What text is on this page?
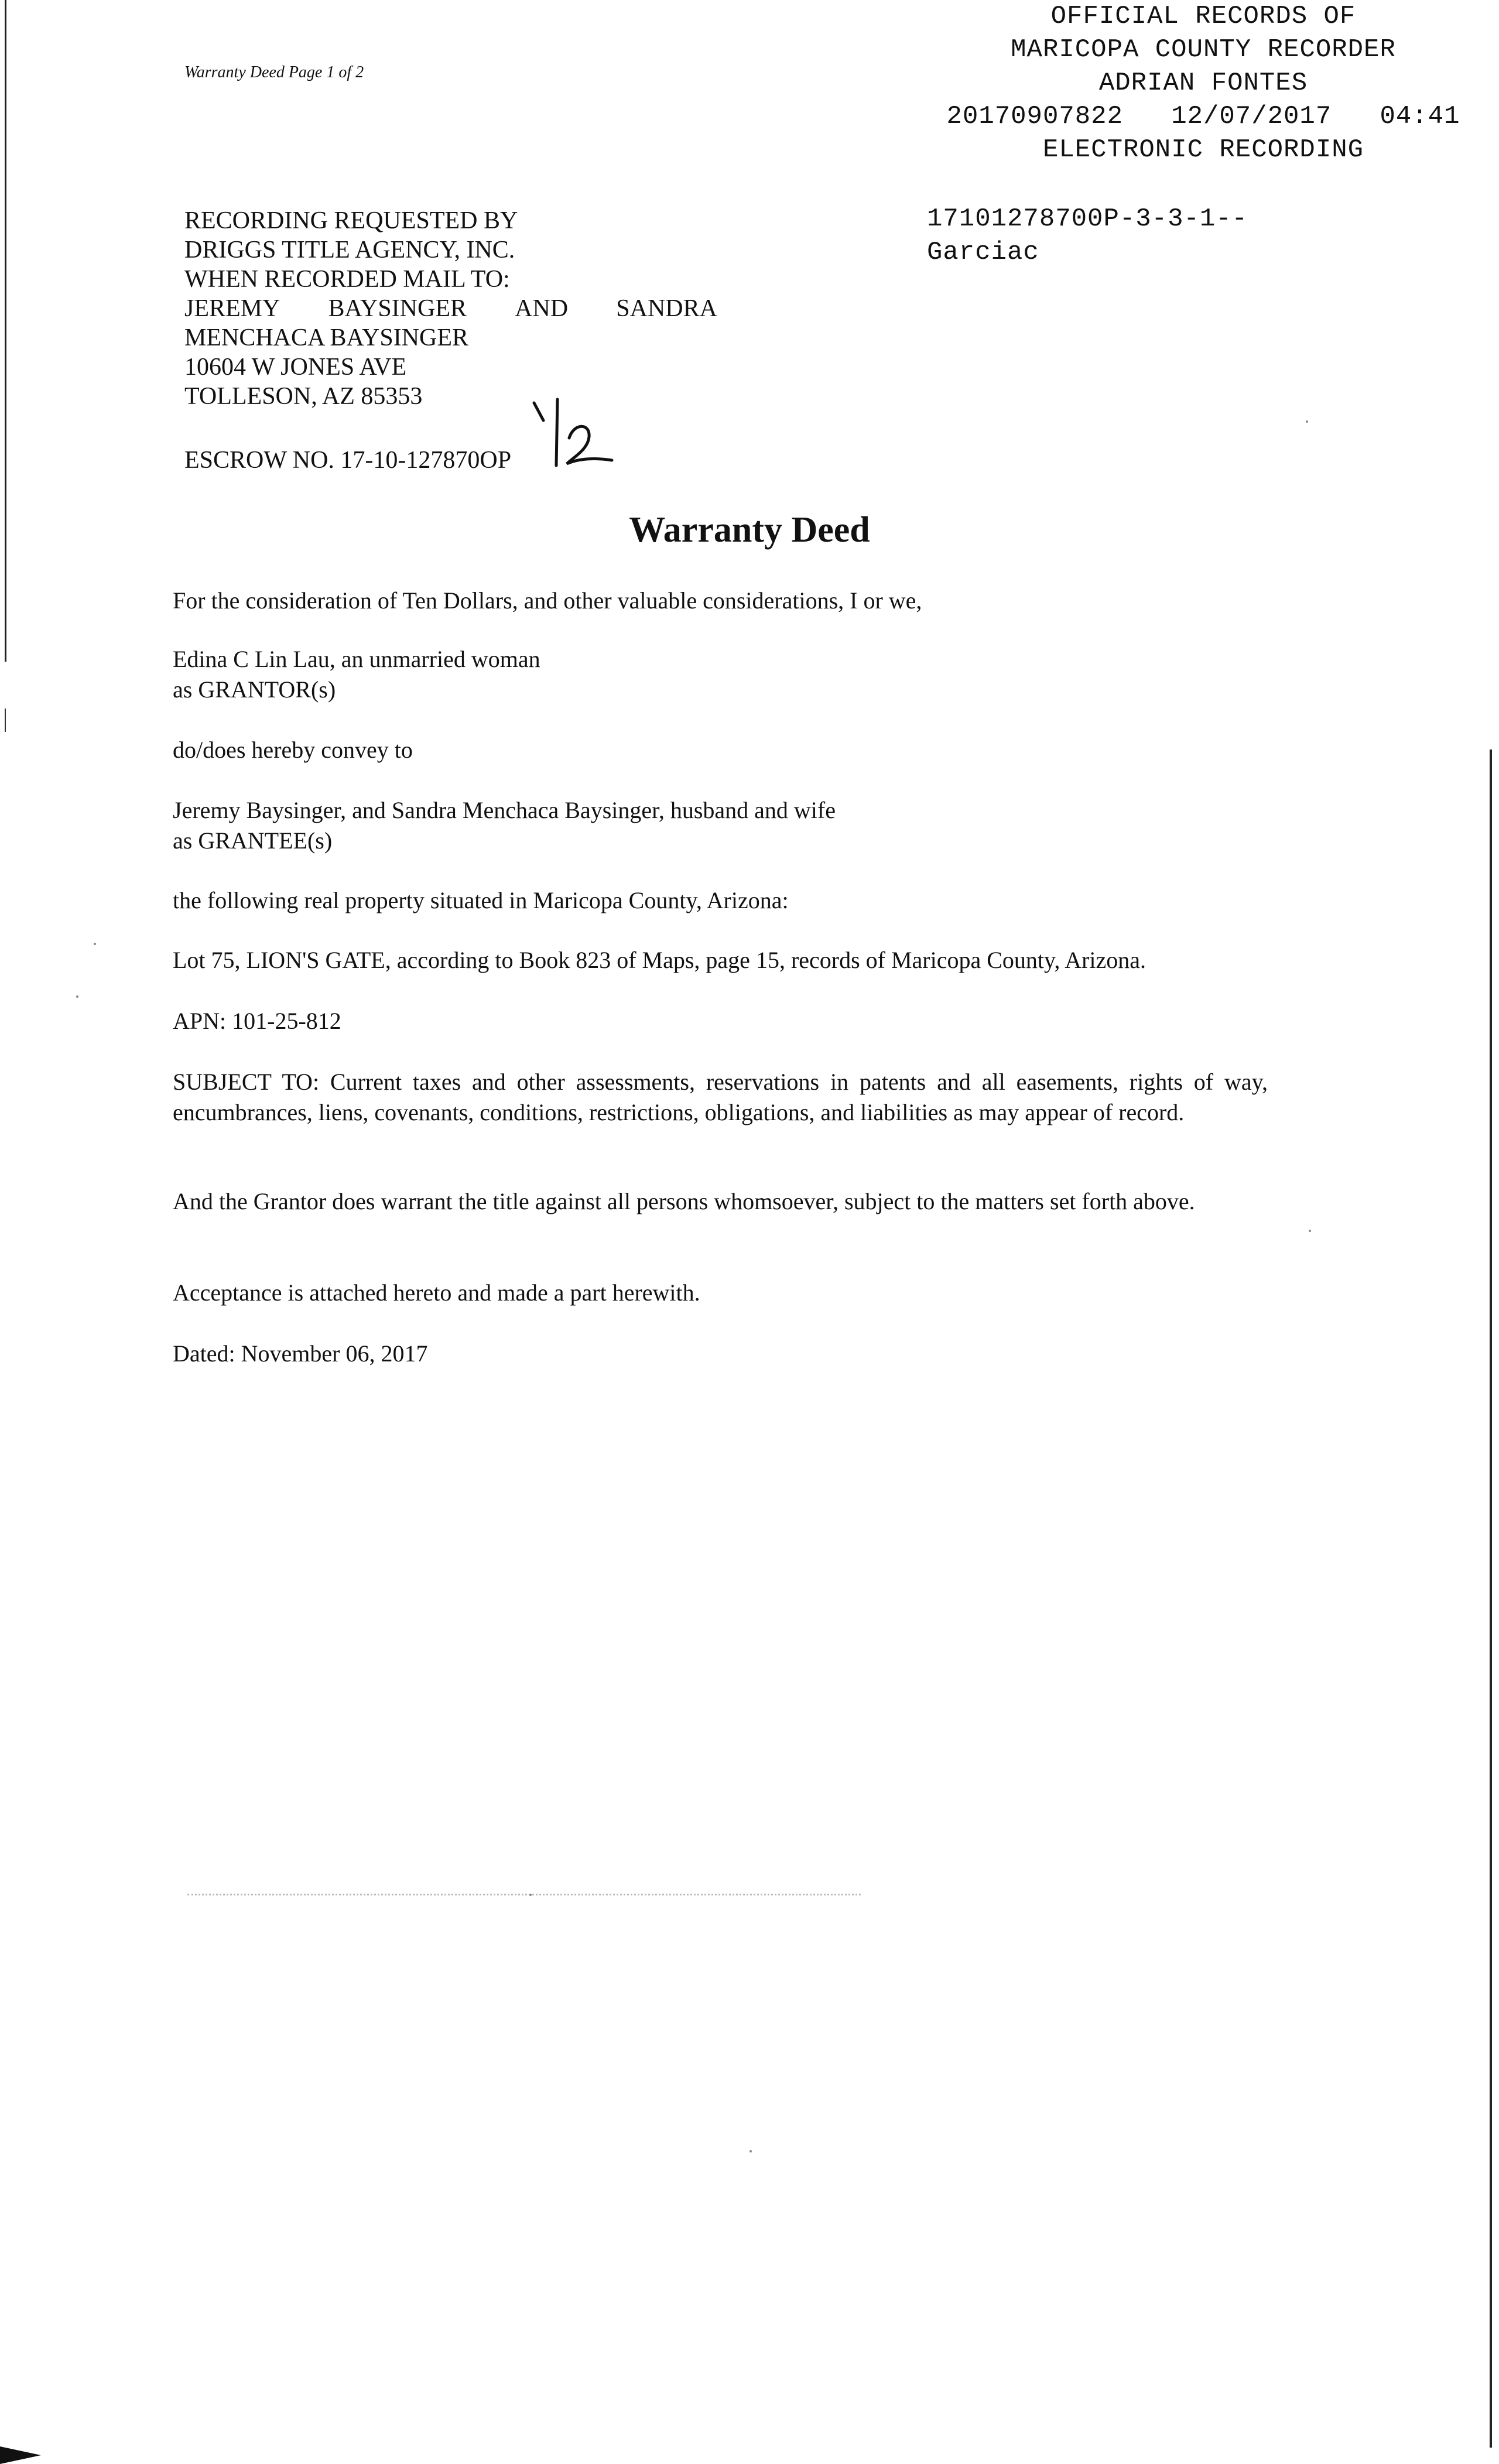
Warranty Deed Page 1 of 2
OFFICIAL RECORDS OF
MARICOPA COUNTY RECORDER
ADRIAN FONTES
20170907822   12/07/2017   04:41
ELECTRONIC RECORDING
17101278700P-3-3-1--
Garciac
RECORDING REQUESTED BY
DRIGGS TITLE AGENCY, INC.
WHEN RECORDED MAIL TO:
JEREMY BAYSINGER AND SANDRA
MENCHACA BAYSINGER
10604 W JONES AVE
TOLLESON, AZ 85353
ESCROW NO. 17-10-127870OP
Warranty Deed
For the consideration of Ten Dollars, and other valuable considerations, I or we,
Edina C Lin Lau, an unmarried woman
as GRANTOR(s)
do/does hereby convey to
Jeremy Baysinger, and Sandra Menchaca Baysinger, husband and wife
as GRANTEE(s)
the following real property situated in Maricopa County, Arizona:
Lot 75, LION'S GATE, according to Book 823 of Maps, page 15, records of Maricopa County, Arizona.
APN: 101-25-812
SUBJECT TO: Current taxes and other assessments, reservations in patents and all easements, rights of way, encumbrances, liens, covenants, conditions, restrictions, obligations, and liabilities as may appear of record.
And the Grantor does warrant the title against all persons whomsoever, subject to the matters set forth above.
Acceptance is attached hereto and made a part herewith.
Dated: November 06, 2017
